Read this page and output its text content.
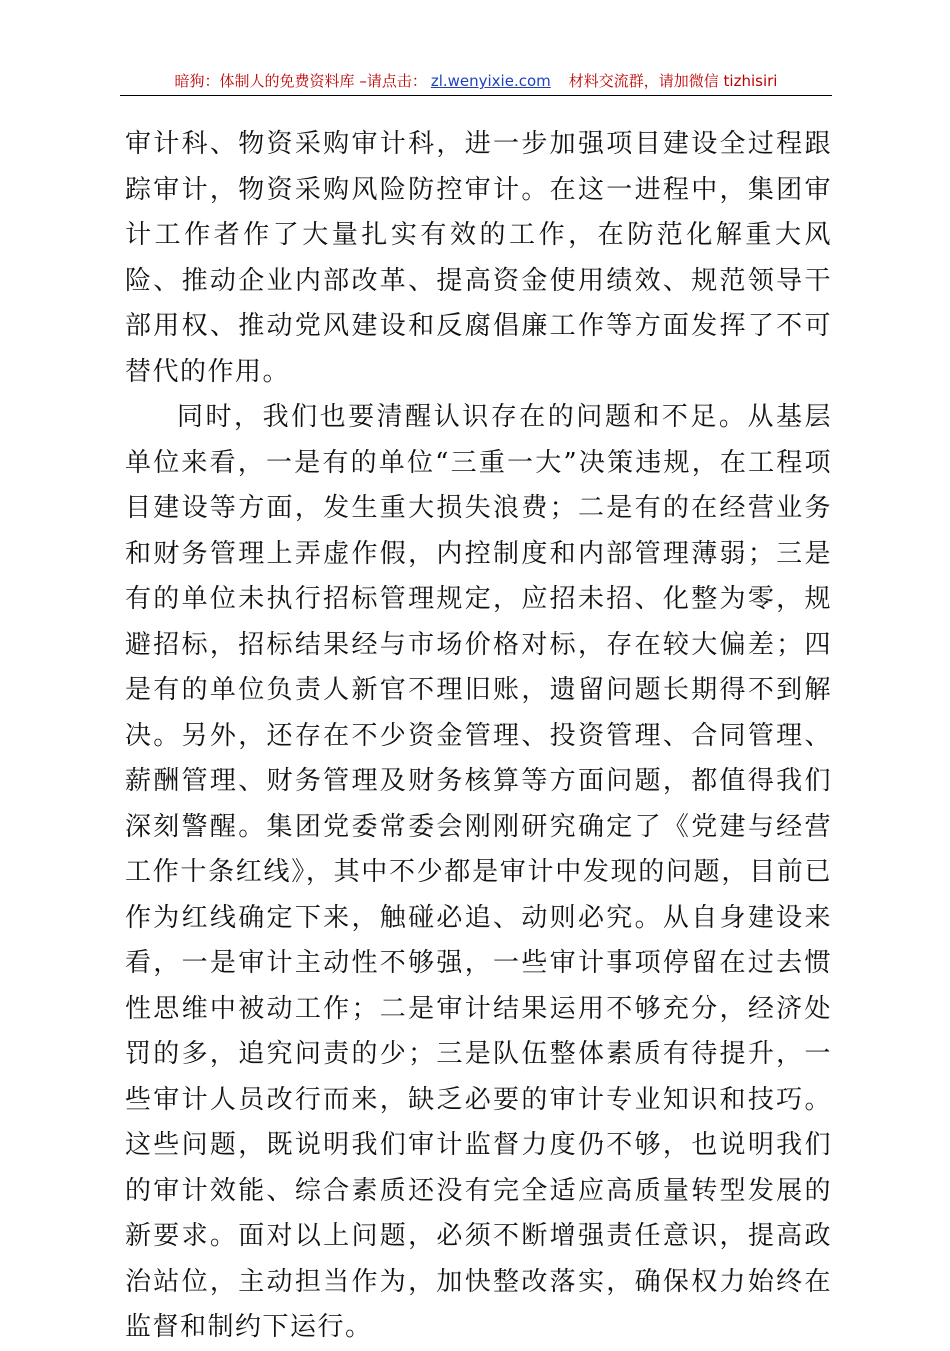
暗狗：体制人的免费资料库 –请点击： zl.wenyixie.com 材料交流群，请加微信 tizhisiri

审计科、物资采购审计科，进一步加强项目建设全过程跟踪审计，物资采购风险防控审计。在这一进程中，集团审计工作者作了大量扎实有效的工作，在防范化解重大风险、推动企业内部改革、提高资金使用绩效、规范领导干部用权、推动党风建设和反腐倡廉工作等方面发挥了不可替代的作用。

同时，我们也要清醒认识存在的问题和不足。从基层单位来看，一是有的单位“三重一大”决策违规，在工程项目建设等方面，发生重大损失浪费；二是有的在经营业务和财务管理上弄虚作假，内控制度和内部管理薄弱；三是有的单位未执行招标管理规定，应招未招、化整为零，规避招标，招标结果经与市场价格对标，存在较大偏差；四是有的单位负责人新官不理旧账，遗留问题长期得不到解决。另外，还存在不少资金管理、投资管理、合同管理、薪酬管理、财务管理及财务核算等方面问题，都值得我们深刻警醒。集团党委常委会刚刚研究确定了《党建与经营工作十条红线》，其中不少都是审计中发现的问题，目前已作为红线确定下来，触碰必追、动则必究。从自身建设来看，一是审计主动性不够强，一些审计事项停留在过去惯性思维中被动工作；二是审计结果运用不够充分，经济处罚的多，追究问责的少；三是队伍整体素质有待提升，一些审计人员改行而来，缺乏必要的审计专业知识和技巧。这些问题，既说明我们审计监督力度仍不够，也说明我们的审计效能、综合素质还没有完全适应高质量转型发展的新要求。面对以上问题，必须不断增强责任意识，提高政治站位，主动担当作为，加快整改落实，确保权力始终在监督和制约下运行。
